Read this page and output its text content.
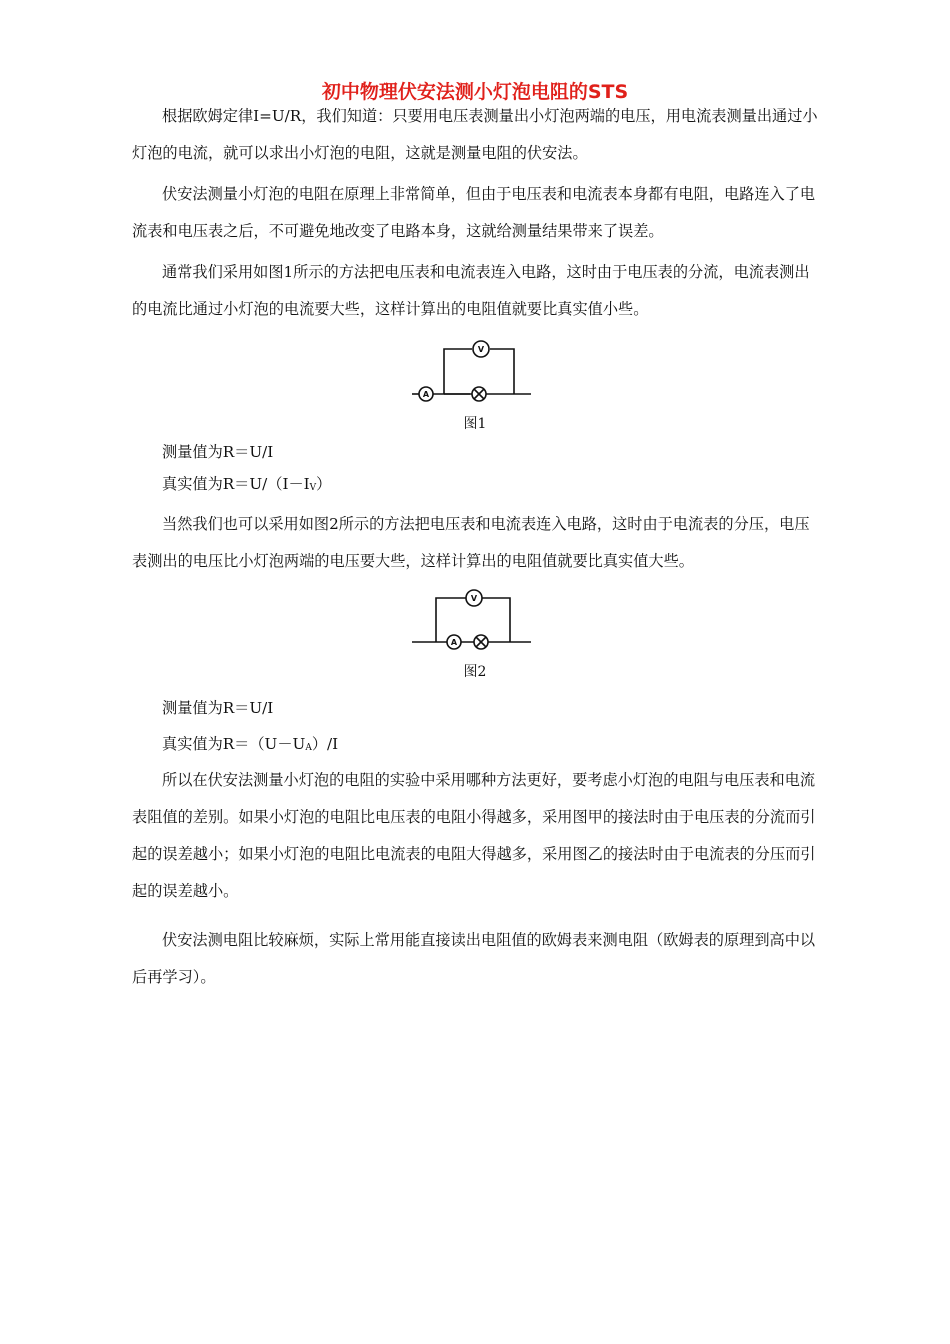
初中物理伏安法测小灯泡电阻的STS

根据欧姆定律I=U/R，我们知道：只要用电压表测量出小灯泡两端的电压，用电流表测量出通过小灯泡的电流，就可以求出小灯泡的电阻，这就是测量电阻的伏安法。

伏安法测量小灯泡的电阻在原理上非常简单，但由于电压表和电流表本身都有电阻，电路连入了电流表和电压表之后，不可避免地改变了电路本身，这就给测量结果带来了误差。

通常我们采用如图1所示的方法把电压表和电流表连入电路，这时由于电压表的分流，电流表测出的电流比通过小灯泡的电流要大些，这样计算出的电阻值就要比真实值小些。

A
V
图1

测量值为R＝U/I

真实值为$R=U/(I-I_V)$

当然我们也可以采用如图2所示的方法把电压表和电流表连入电路，这时由于电流表的分压，电压表测出的电压比小灯泡两端的电压要大些，这样计算出的电阻值就要比真实值大些。

V
A
图2

测量值为R＝U/I

真实值为$R=(U-U_A)/I$

所以在伏安法测量小灯泡的电阻的实验中采用哪种方法更好，要考虑小灯泡的电阻与电压表和电流表阻值的差别。如果小灯泡的电阻比电压表的电阻小得越多，采用图甲的接法时由于电压表的分流而引起的误差越小；如果小灯泡的电阻比电流表的电阻大得越多，采用图乙的接法时由于电流表的分压而引起的误差越小。

伏安法测电阻比较麻烦，实际上常用能直接读出电阻值的欧姆表来测电阻（欧姆表的原理到高中以后再学习）。
